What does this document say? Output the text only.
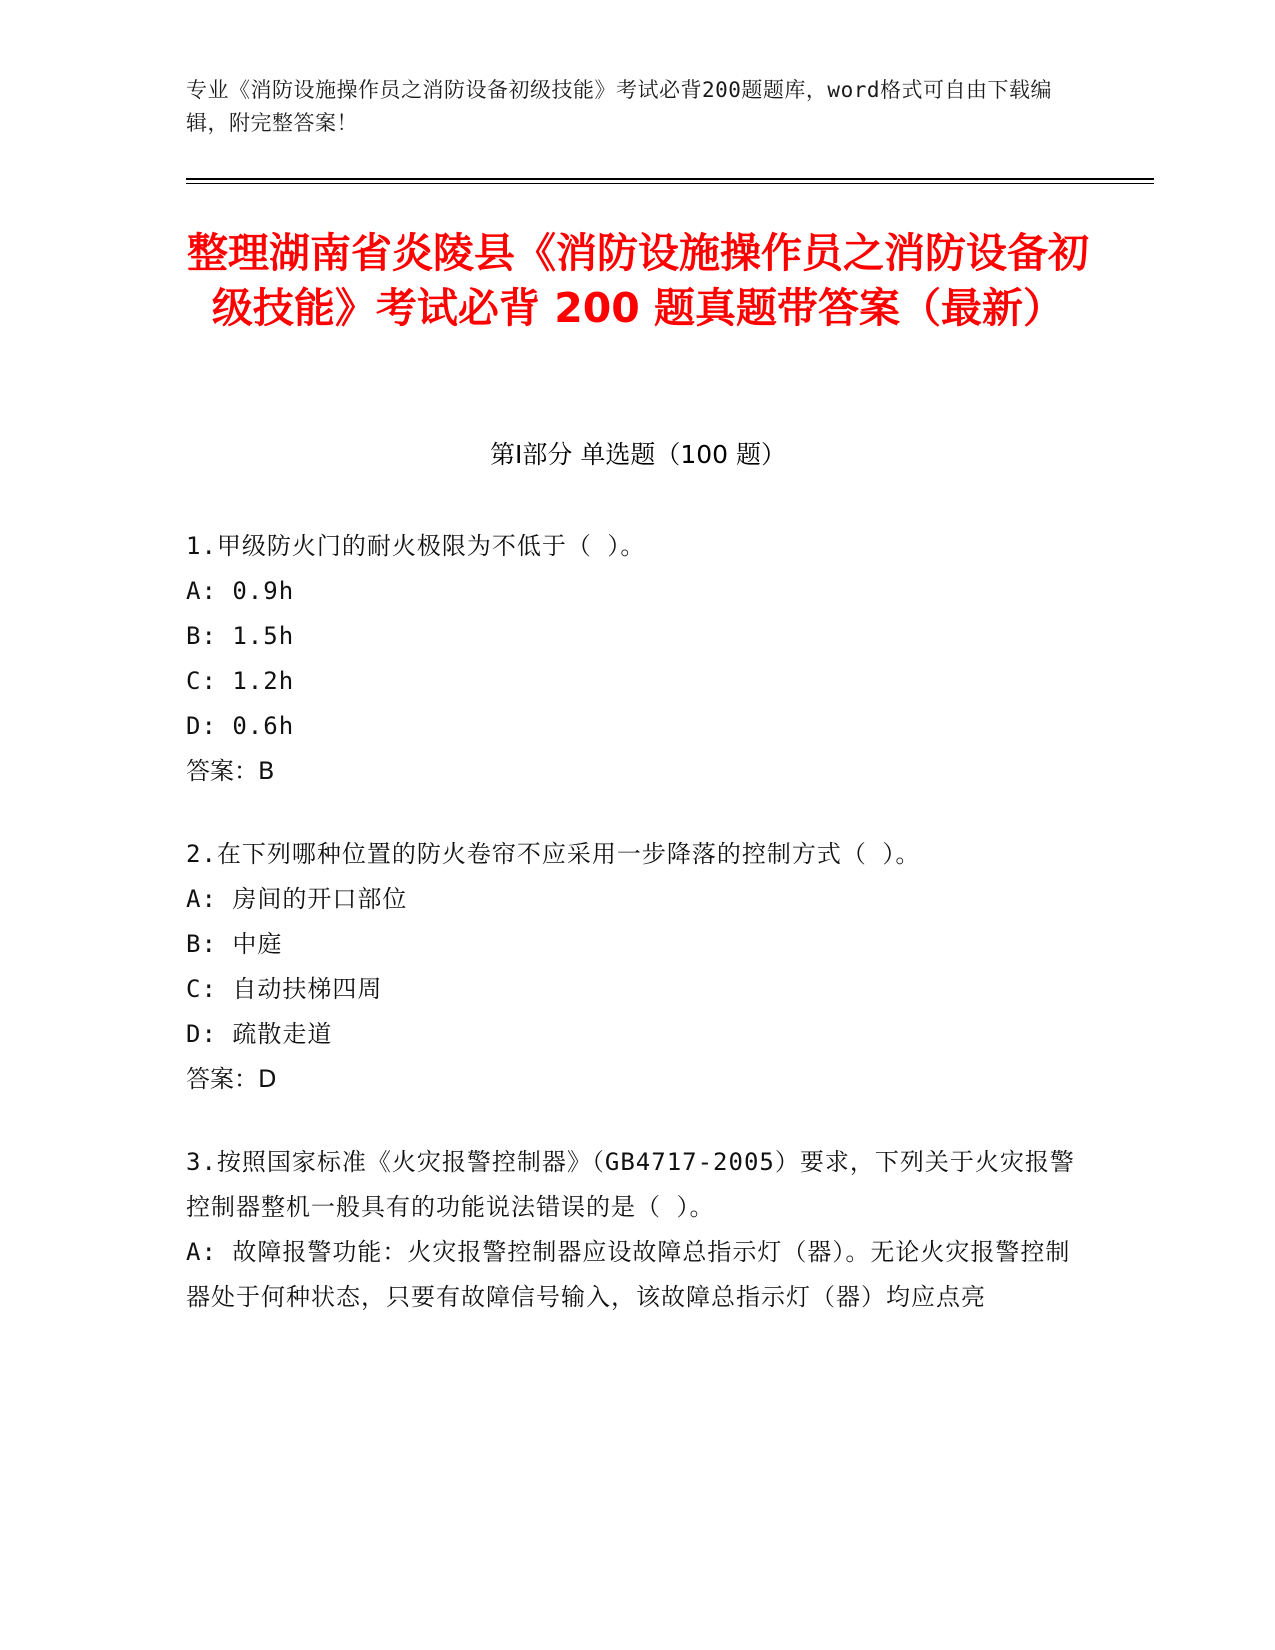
专业《消防设施操作员之消防设备初级技能》考试必背200题题库，word格式可自由下载编辑，附完整答案！
整理湖南省炎陵县《消防设施操作员之消防设备初级技能》考试必背 200 题真题带答案（最新）
第Ⅰ部分 单选题（100 题）
1.甲级防火门的耐火极限为不低于（ ）。
A: 0.9h
B: 1.5h
C: 1.2h
D: 0.6h
答案：B
2.在下列哪种位置的防火卷帘不应采用一步降落的控制方式（ ）。
A: 房间的开口部位
B: 中庭
C: 自动扶梯四周
D: 疏散走道
答案：D
3.按照国家标准《火灾报警控制器》（GB4717-2005）要求，下列关于火灾报警控制器整机一般具有的功能说法错误的是（ ）。
A: 故障报警功能：火灾报警控制器应设故障总指示灯（器）。无论火灾报警控制器处于何种状态，只要有故障信号输入，该故障总指示灯（器）均应点亮
